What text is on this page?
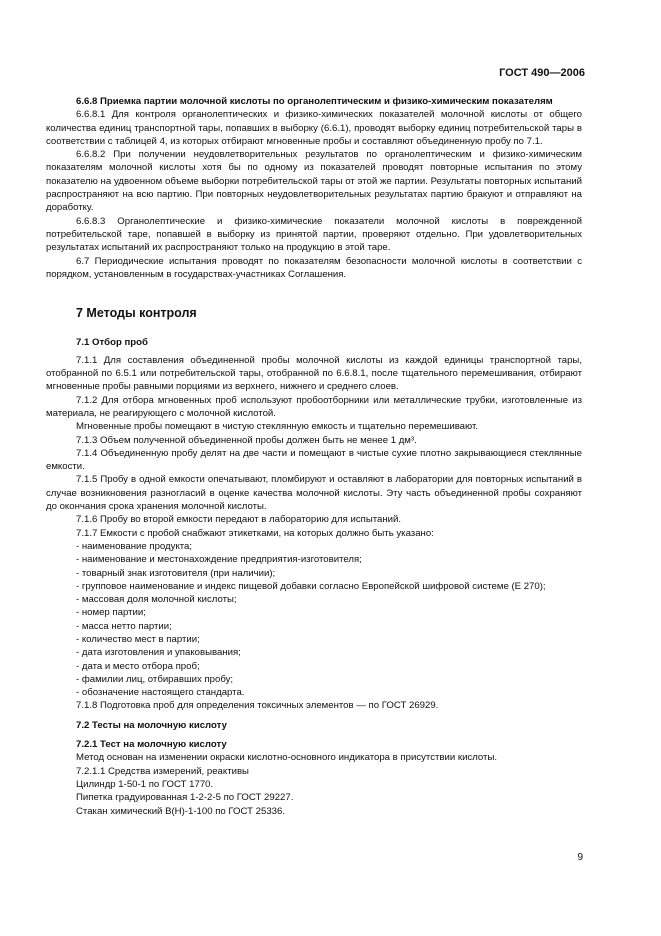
ГОСТ 490—2006

6.6.8 Приемка партии молочной кислоты по органолептическим и физико-химическим показателям

6.6.8.1 Для контроля органолептических и физико-химических показателей молочной кислоты от общего количества единиц транспортной тары, попавших в выборку (6.6.1), проводят выборку единиц потребительской тары в соответствии с таблицей 4, из которых отбирают мгновенные пробы и составляют объединенную пробу по 7.1.

6.6.8.2 При получении неудовлетворительных результатов по органолептическим и физико-химическим показателям молочной кислоты хотя бы по одному из показателей проводят повторные испытания по этому показателю на удвоенном объеме выборки потребительской тары от этой же партии. Результаты повторных испытаний распространяют на всю партию. При повторных неудовлетворительных результатах партию бракуют и отправляют на доработку.

6.6.8.3 Органолептические и физико-химические показатели молочной кислоты в поврежденной потребительской таре, попавшей в выборку из принятой партии, проверяют отдельно. При удовлетворительных результатах испытаний их распространяют только на продукцию в этой таре.

6.7 Периодические испытания проводят по показателям безопасности молочной кислоты в соответствии с порядком, установленным в государствах-участниках Соглашения.

7 Методы контроля

7.1 Отбор проб

7.1.1 Для составления объединенной пробы молочной кислоты из каждой единицы транспортной тары, отобранной по 6.5.1 или потребительской тары, отобранной по 6.6.8.1, после тщательного перемешивания, отбирают мгновенные пробы равными порциями из верхнего, нижнего и среднего слоев.

7.1.2 Для отбора мгновенных проб используют пробоотборники или металлические трубки, изготовленные из материала, не реагирующего с молочной кислотой.

Мгновенные пробы помещают в чистую стеклянную емкость и тщательно перемешивают.

7.1.3 Объем полученной объединенной пробы должен быть не менее 1 дм³.

7.1.4 Объединенную пробу делят на две части и помещают в чистые сухие плотно закрывающиеся стеклянные емкости.

7.1.5 Пробу в одной емкости опечатывают, пломбируют и оставляют в лаборатории для повторных испытаний в случае возникновения разногласий в оценке качества молочной кислоты. Эту часть объединенной пробы сохраняют до окончания срока хранения молочной кислоты.

7.1.6 Пробу во второй емкости передают в лабораторию для испытаний.

7.1.7 Емкости с пробой снабжают этикетками, на которых должно быть указано:

- наименование продукта;

- наименование и местонахождение предприятия-изготовителя;

- товарный знак изготовителя (при наличии);

- групповое наименование и индекс пищевой добавки согласно Европейской шифровой системе (Е 270);

- массовая доля молочной кислоты;

- номер партии;

- масса нетто партии;

- количество мест в партии;

- дата изготовления и упаковывания;

- дата и место отбора проб;

- фамилии лиц, отбиравших пробу;

- обозначение настоящего стандарта.

7.1.8 Подготовка проб для определения токсичных элементов — по ГОСТ 26929.

7.2 Тесты на молочную кислоту

7.2.1 Тест на молочную кислоту

Метод основан на изменении окраски кислотно-основного индикатора в присутствии кислоты.

7.2.1.1 Средства измерений, реактивы

Цилиндр 1-50-1 по ГОСТ 1770.

Пипетка градуированная 1-2-2-5 по ГОСТ 29227.

Стакан химический В(Н)-1-100 по ГОСТ 25336.

9
